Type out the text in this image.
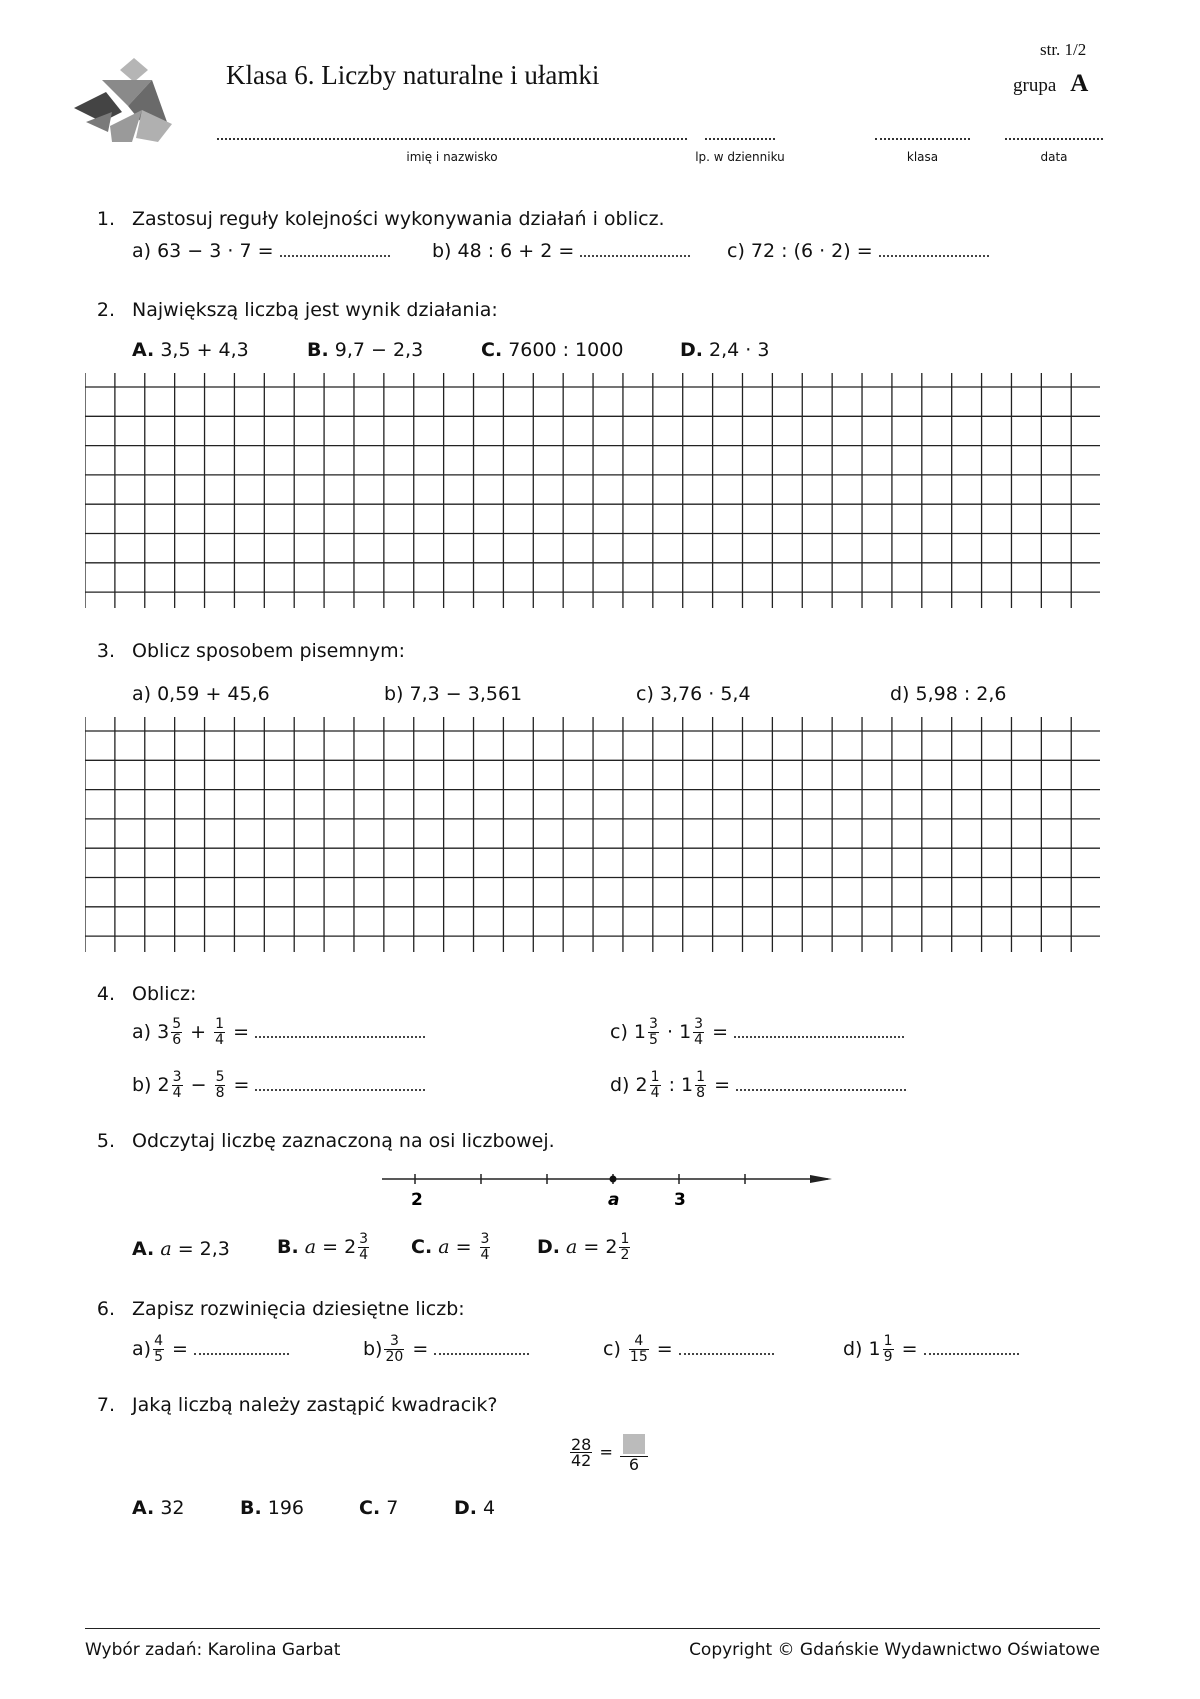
Klasa 6. Liczby naturalne i ułamki
str. 1/2
grupa A
imię i nazwisko	lp. w dzienniku	klasa	data
1. Zastosuj reguły kolejności wykonywania działań i oblicz.
a) 63 − 3 · 7 =	b) 48 : 6 + 2 =	c) 72 : (6 · 2) =
2. Największą liczbą jest wynik działania:
A. 3,5 + 4,3	B. 9,7 − 2,3	C. 7600 : 1000	D. 2,4 · 3
3. Oblicz sposobem pisemnym:
a) 0,59 + 45,6	b) 7,3 − 3,561	c) 3,76 · 5,4	d) 5,98 : 2,6
4. Oblicz:
a) $3 \frac{5}{6} + \frac{1}{4}$ =
b) $2 \frac{3}{4} - \frac{5}{8}$ =
c) $1 \frac{3}{5} \cdot 1 \frac{3}{4}$ =
d) $2 \frac{1}{4}$ : $1 \frac{1}{8}$ =
5. Odczytaj liczbę zaznaczoną na osi liczbowej.
2	a	3
A. a = 2,3 B. $a = 2 \frac{3}{4} C$. $a = \frac{3}{4} D$. $a = 2 \frac{1}{2}$
6. Zapisz rozwinięcia dziesiętne liczb:
$a) \frac{4}{5}$ =	$b) \frac{3}{20}$ =	$c) \frac{4}{15}$ =	d) $1 \frac{1}{9}$ =
7. Jaką liczbą należy zastąpić kwadracik?
$\frac{28}{42}$ =
6
A. 32	B. 196	C. 7	D. 4
Wybór zadań: Karolina Garbat	Copyright © Gdańskie Wydawnictwo Oświatowe
